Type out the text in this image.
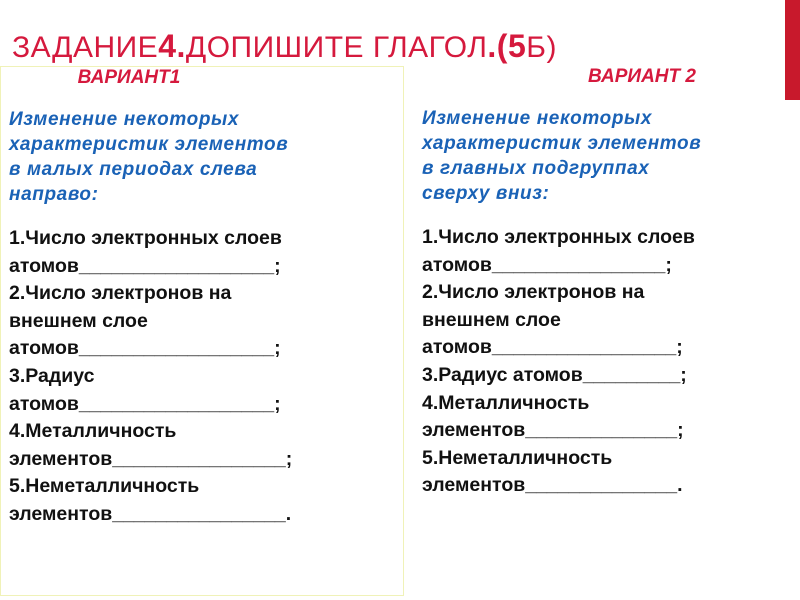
ЗАДАНИЕ4.ДОПИШИТЕ ГЛАГОЛ.(5Б)

ВАРИАНТ1

Изменение некоторых
характеристик элементов
в малых периодах слева
направо:

1.Число электронных слоев
атомов__________________;
2.Число электронов на
внешнем слое
атомов__________________;
3.Радиус
атомов__________________;
4.Металличность
элементов________________;
5.Неметалличность
элементов________________.

ВАРИАНТ 2

Изменение некоторых
характеристик элементов
в главных подгруппах
сверху вниз:

1.Число электронных слоев
атомов________________;
2.Число электронов на
внешнем слое
атомов_________________;
3.Радиус атомов_________;
4.Металличность
элементов______________;
5.Неметалличность
элементов______________.
